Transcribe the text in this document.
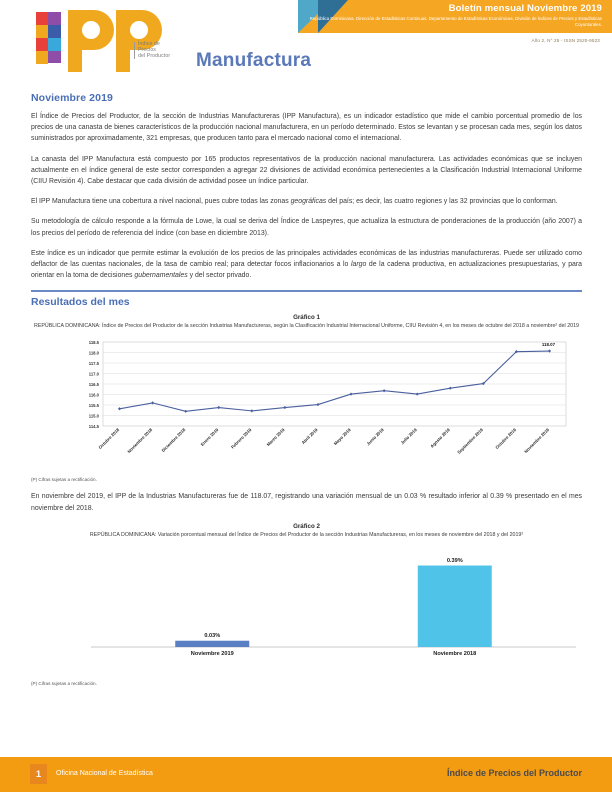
Índice de
Precios
del Productor	Manufactura
Boletín mensual Noviembre 2019
República Dominicana. Dirección de Estadísticas Continuas. Departamento de Estadísticas Económicas, División de Índices de Precios y Estadísticas Coyunturales.
Año 2, N° 25 - ISSN 2520-9523
Noviembre 2019

El Índice de Precios del Productor, de la sección de Industrias Manufactureras (IPP Manufactura), es un indicador estadístico que mide el cambio porcentual promedio de los precios de una canasta de bienes característicos de la producción nacional manufacturera, en un período determinado. Estos se levantan y se procesan cada mes, según los datos suministrados por aproximadamente, 321 empresas, que producen tanto para el mercado nacional como el internacional.

La canasta del IPP Manufactura está compuesto por 165 productos representativos de la producción nacional manufacturera. Las actividades económicas que se incluyen actualmente en el índice general de este sector corresponden a agregar 22 divisiones de actividad económica pertenecientes a la Clasificación Industrial Internacional Uniforme (CIIU Revisión 4). Cabe destacar que cada división de actividad posee un índice particular.

El IPP Manufactura tiene una cobertura a nivel nacional, pues cubre todas las zonas geográficas del país; es decir, las cuatro regiones y las 32 provincias que lo conforman.

Su metodología de cálculo responde a la fórmula de Lowe, la cual se deriva del Índice de Laspeyres, que actualiza la estructura de ponderaciones de la producción (año 2007) a los precios del período de referencia del índice (con base en diciembre 2013).

Este índice es un indicador que permite estimar la evolución de los precios de las principales actividades económicas de las industrias manufactureras. Puede ser utilizado como deflactor de las cuentas nacionales, de la tasa de cambio real; para detectar focos inflacionarios a lo largo de la cadena productiva, en actualizaciones presupuestarias, y para orientar en la toma de decisiones gubernamentales y del sector privado.

Resultados del mes
Gráfico 1
REPÚBLICA DOMINICANA: Índice de Precios del Productor de la sección Industrias Manufactureras, según la Clasificación Industrial Internacional Uniforme, CIIU Revisión 4, en los meses de octubre del 2018 a noviembre² del 2019
118.5
118.0
117.5
117.0
116.5
116.0
115.5
115.0
114.5
118.07
Octubre 2018 Noviembre 2018 Diciembre 2018	Enero 2019 Febrero 2019	Marzo 2019	Abril 2019	Mayo 2019	Junio 2019	Julio 2019	Agosto 2019 Septiembre 2019 Octubre 2019 Noviembre 2019
(P) Cifras sujetas a rectificación.

En noviembre del 2019, el IPP de la Industrias Manufactureras fue de 118.07, registrando una variación mensual de un 0.03 % resultado inferior al 0.39 % presentado en el mes noviembre del 2018.

Gráfico 2
REPÚBLICA DOMINICANA: Variación porcentual mensual del Índice de Precios del Productor de la sección Industrias Manufactureras, en los meses de noviembre del 2018 y del 2019²
0.03%
Noviembre 2019
0.39%
Noviembre 2018
(P) Cifras sujetas a rectificación.
1	Oficina Nacional de Estadística	Índice de Precios del Productor
